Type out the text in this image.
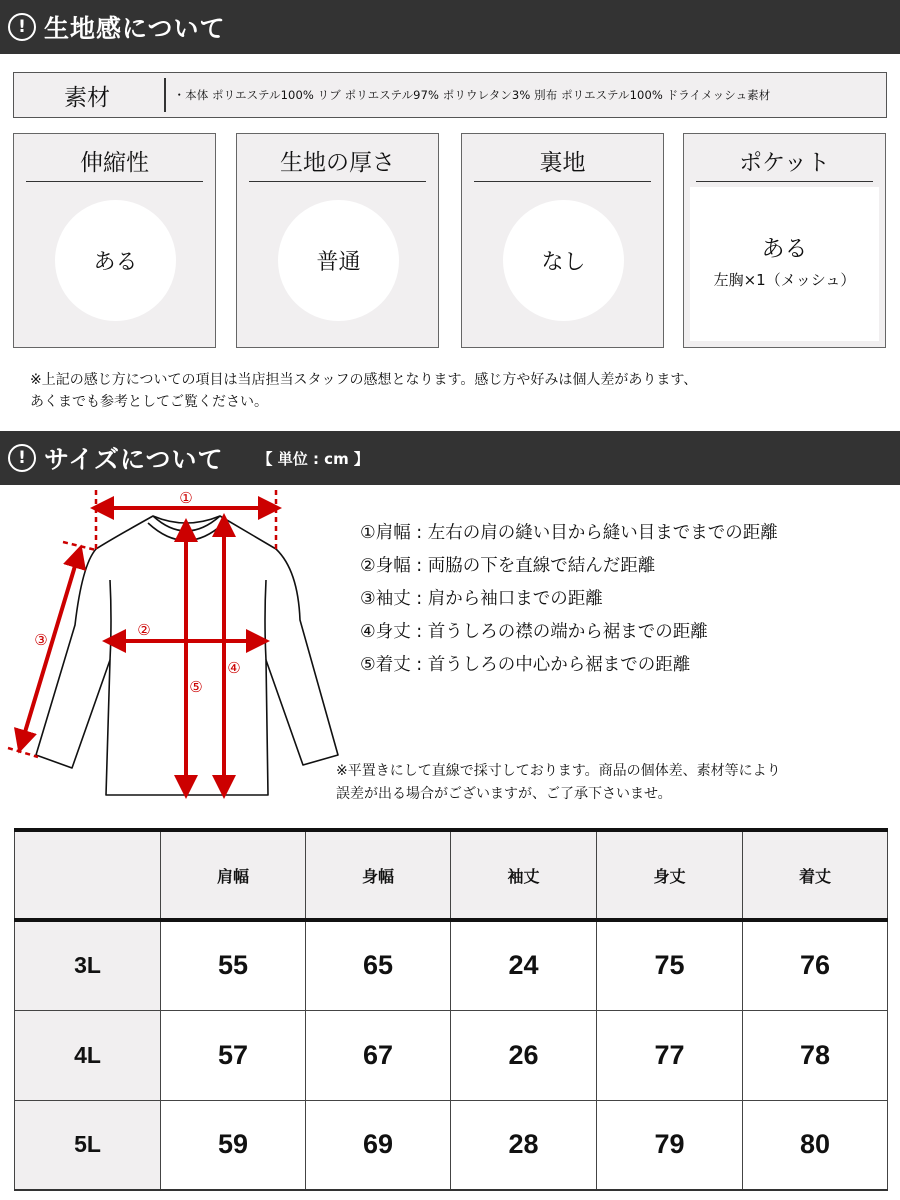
! 生地感について
素材	・本体 ポリエステル100% リブ ポリエステル97% ポリウレタン3% 別布 ポリエステル100% ドライメッシュ素材
伸縮性
ある
生地の厚さ
普通
裏地
なし
ポケット
ある
左胸×1（メッシュ）
※上記の感じ方についての項目は当店担当スタッフの感想となります。感じ方や好みは個人差があります、
あくまでも参考としてご覧ください。
! サイズについて 【 単位 : cm 】
①
②
③
④
⑤
①肩幅 : 左右の肩の縫い目から縫い目までまでの距離
②身幅 : 両脇の下を直線で結んだ距離
③袖丈 : 肩から袖口までの距離
④身丈 : 首うしろの襟の端から裾までの距離
⑤着丈 : 首うしろの中心から裾までの距離
※平置きにして直線で採寸しております。商品の個体差、素材等により
誤差が出る場合がございますが、ご了承下さいませ。
	肩幅	身幅	袖丈	身丈	着丈
3L	55	65	24	75	76
4L	57	67	26	77	78
5L	59	69	28	79	80
